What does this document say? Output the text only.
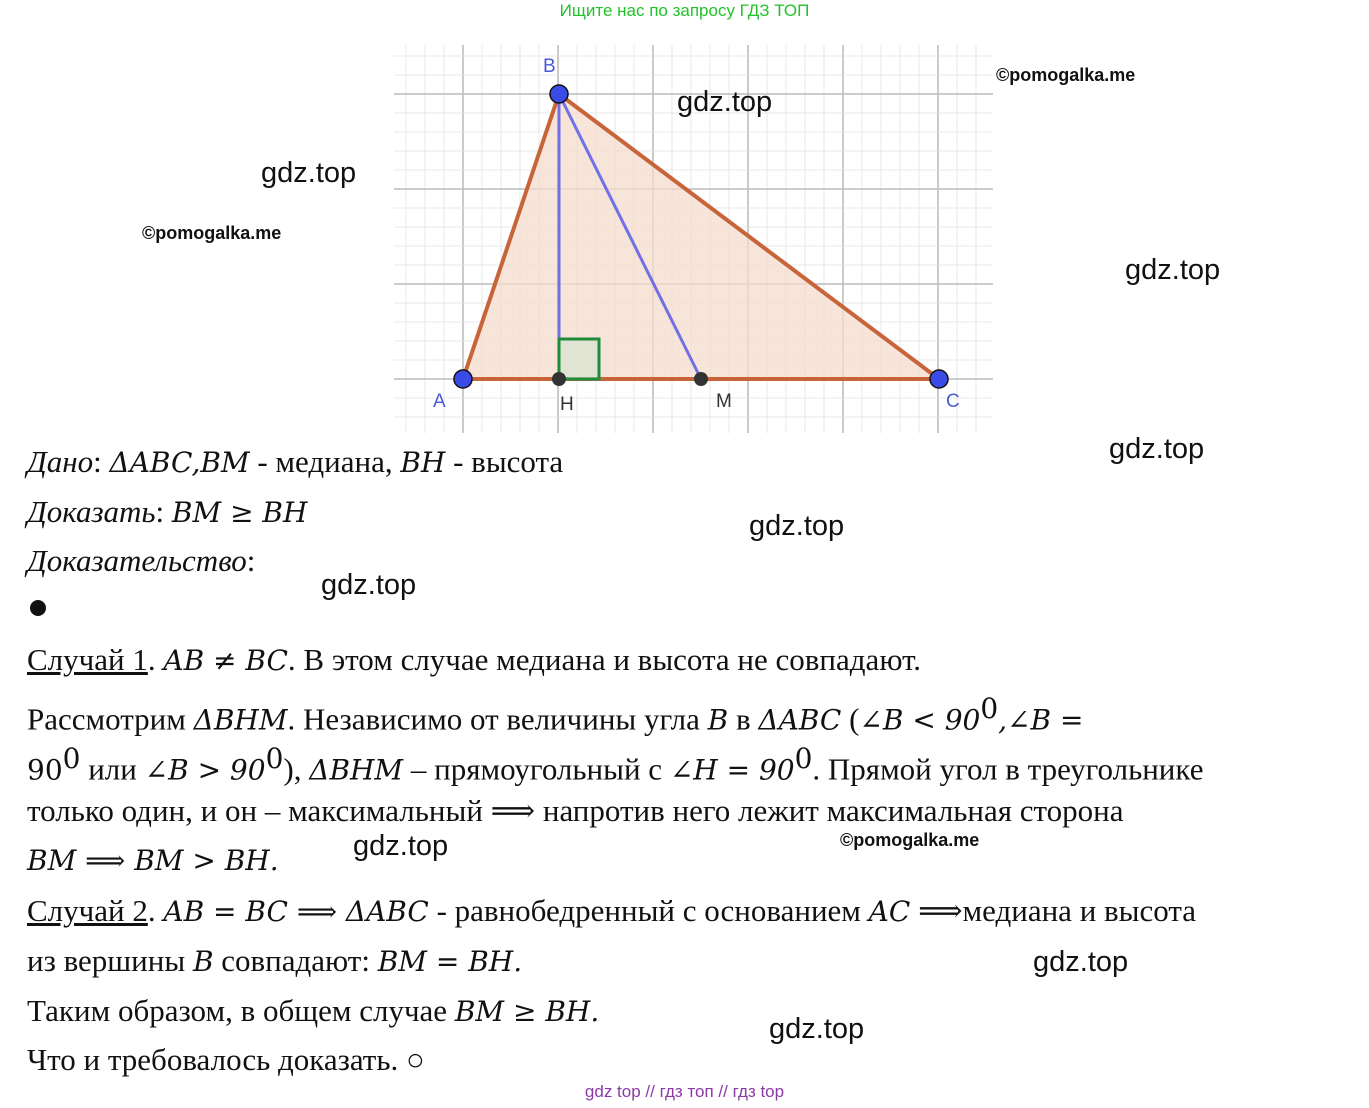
Ищите нас по запросу ГДЗ ТОП
gdz top // гдз топ // гдз top
A
B
C
H	M
gdz.top
gdz.top
gdz.top
gdz.top
gdz.top
gdz.top
gdz.top
gdz.top
gdz.top
©pomogalka.me
©pomogalka.me
©pomogalka.me
Дано: ΔABC,BM - медиана, BH - высота
Доказать: BM ≥ BH
Доказательство:
Случай 1. AB ≠ BC. В этом случае медиана и высота не совпадают.
Рассмотрим ΔBHM. Независимо от величины угла B в ΔABC (∠B < $90^0,\angle B$ =
$90^0$ или ∠B > $90^0$), ΔBHM – прямоугольный с ∠H = $90^0$. Прямой угол в треугольнике
только один, и он – максимальный ⟹ напротив него лежит максимальная сторона
BM ⟹ BM > BH.
Случай 2. AB = BC ⟹ ΔABC - равнобедренный с основанием AC ⟹медиана и высота
из вершины B совпадают: BM = BH.
Таким образом, в общем случае BM ≥ BH.
Что и требовалось доказать. ○
